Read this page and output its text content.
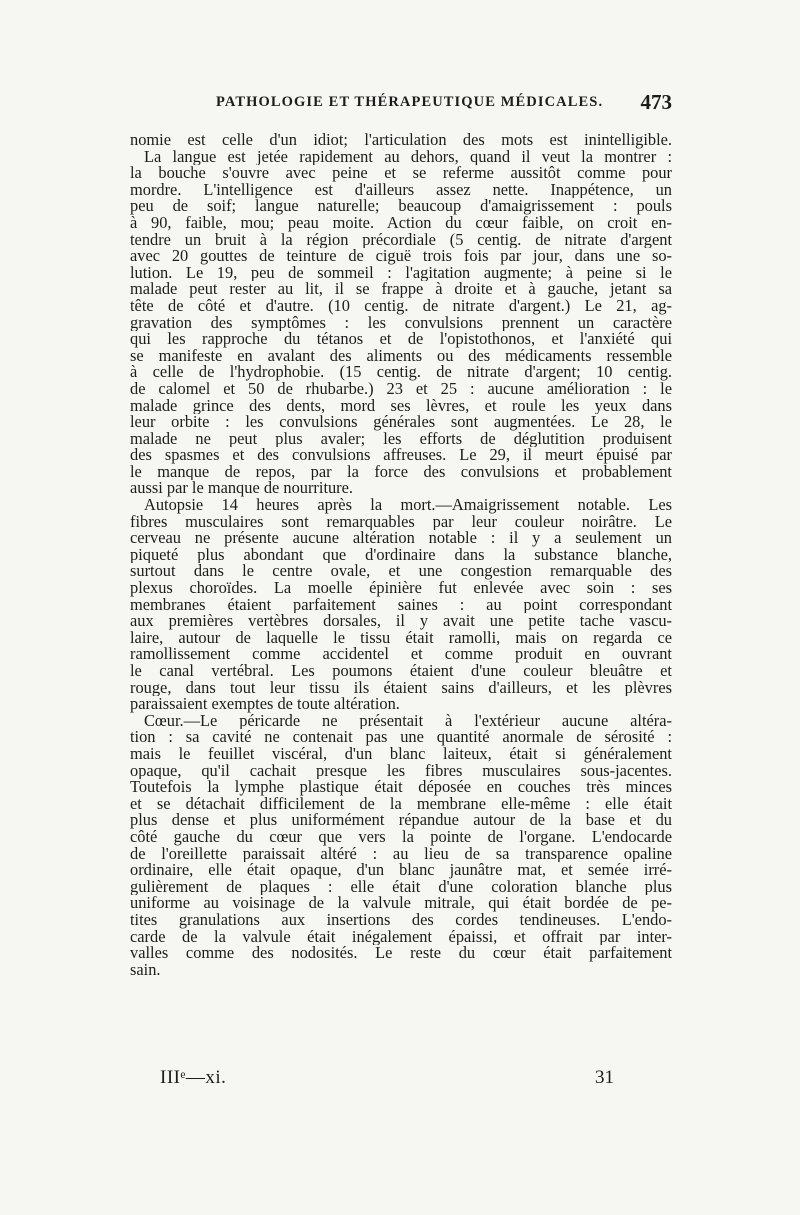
PATHOLOGIE ET THÉRAPEUTIQUE MÉDICALES. 473
nomie est celle d'un idiot; l'articulation des mots est inintelligible.
La langue est jetée rapidement au dehors, quand il veut la montrer :
la bouche s'ouvre avec peine et se referme aussitôt comme pour
mordre. L'intelligence est d'ailleurs assez nette. Inappétence, un
peu de soif; langue naturelle; beaucoup d'amaigrissement : pouls
à 90, faible, mou; peau moite. Action du cœur faible, on croit en-
tendre un bruit à la région précordiale (5 centig. de nitrate d'argent
avec 20 gouttes de teinture de ciguë trois fois par jour, dans une so-
lution. Le 19, peu de sommeil : l'agitation augmente; à peine si le
malade peut rester au lit, il se frappe à droite et à gauche, jetant sa
tête de côté et d'autre. (10 centig. de nitrate d'argent.) Le 21, ag-
gravation des symptômes : les convulsions prennent un caractère
qui les rapproche du tétanos et de l'opistothonos, et l'anxiété qui
se manifeste en avalant des aliments ou des médicaments ressemble
à celle de l'hydrophobie. (15 centig. de nitrate d'argent; 10 centig.
de calomel et 50 de rhubarbe.) 23 et 25 : aucune amélioration : le
malade grince des dents, mord ses lèvres, et roule les yeux dans
leur orbite : les convulsions générales sont augmentées. Le 28, le
malade ne peut plus avaler; les efforts de déglutition produisent
des spasmes et des convulsions affreuses. Le 29, il meurt épuisé par
le manque de repos, par la force des convulsions et probablement
aussi par le manque de nourriture.
Autopsie 14 heures après la mort.—Amaigrissement notable. Les
fibres musculaires sont remarquables par leur couleur noirâtre. Le
cerveau ne présente aucune altération notable : il y a seulement un
piqueté plus abondant que d'ordinaire dans la substance blanche,
surtout dans le centre ovale, et une congestion remarquable des
plexus choroïdes. La moelle épinière fut enlevée avec soin : ses
membranes étaient parfaitement saines : au point correspondant
aux premières vertèbres dorsales, il y avait une petite tache vascu-
laire, autour de laquelle le tissu était ramolli, mais on regarda ce
ramollissement comme accidentel et comme produit en ouvrant
le canal vertébral. Les poumons étaient d'une couleur bleuâtre et
rouge, dans tout leur tissu ils étaient sains d'ailleurs, et les plèvres
paraissaient exemptes de toute altération.
Cœur.—Le péricarde ne présentait à l'extérieur aucune altéra-
tion : sa cavité ne contenait pas une quantité anormale de sérosité :
mais le feuillet viscéral, d'un blanc laiteux, était si généralement
opaque, qu'il cachait presque les fibres musculaires sous-jacentes.
Toutefois la lymphe plastique était déposée en couches très minces
et se détachait difficilement de la membrane elle-même : elle était
plus dense et plus uniformément répandue autour de la base et du
côté gauche du cœur que vers la pointe de l'organe. L'endocarde
de l'oreillette paraissait altéré : au lieu de sa transparence opaline
ordinaire, elle était opaque, d'un blanc jaunâtre mat, et semée irré-
gulièrement de plaques : elle était d'une coloration blanche plus
uniforme au voisinage de la valvule mitrale, qui était bordée de pe-
tites granulations aux insertions des cordes tendineuses. L'endo-
carde de la valvule était inégalement épaissi, et offrait par inter-
valles comme des nodosités. Le reste du cœur était parfaitement
sain.
IIIᵉ—xi.	31
